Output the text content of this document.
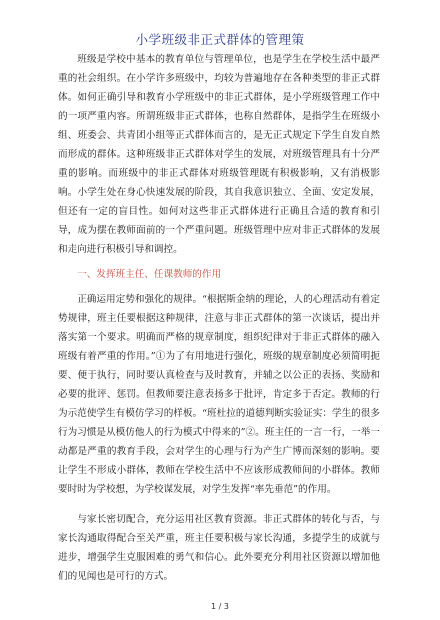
小学班级非正式群体的管理策

班级是学校中基本的教育单位与管理单位，也是学生在学校生活中最严重的社会组织。在小学许多班级中，均较为普遍地存在各种类型的非正式群体。如何正确引导和教育小学班级中的非正式群体，是小学班级管理工作中的一项严重内容。所谓班级非正式群体，也称自然群体，是指学生在班级小组、班委会、共青团小组等正式群体而言的，是无正式规定下学生自发自然而形成的群体。这种班级非正式群体对学生的发展，对班级管理具有十分严重的影响。而班级中的非正式群体对班级管理既有积极影响，又有消极影响。小学生处在身心快速发展的阶段，其自我意识独立、全面、安定发展，但还有一定的盲目性。如何对这些非正式群体进行正确且合适的教育和引导，成为摆在教师面前的一个严重问题。班级管理中应对非正式群体的发展和走向进行积极引导和调控。

一、发挥班主任、任课教师的作用

正确运用定势和强化的规律。“根据斯金纳的理论，人的心理活动有着定势规律，班主任要根据这种规律，注意与非正式群体的第一次谈话，提出并落实第一个要求。明确而严格的规章制度，组织纪律对于非正式群体的融入班级有着严重的作用。”①为了有用地进行强化，班级的规章制度必须简明扼要、便于执行，同时要认真检查与及时教育，并辅之以公正的表扬、奖励和必要的批评、惩罚。但教师要注意表扬多于批评，肯定多于否定。教师的行为示范使学生有模仿学习的样板。“班杜拉的道德判断实验证实：学生的很多行为习惯是从模仿他人的行为模式中得来的”②。班主任的一言一行，一举一动都是严重的教育手段，会对学生的心理与行为产生广博而深刻的影响。要让学生不形成小群体，教师在学校生活中不应该形成教师间的小群体。教师要时时为学校想，为学校谋发展，对学生发挥“率先垂范”的作用。

与家长密切配合，充分运用社区教育资源。非正式群体的转化与否，与家长沟通取得配合至关严重，班主任要积极与家长沟通，多提学生的成就与进步，增强学生克服困难的勇气和信心。此外要充分利用社区资源以增加他们的见闻也是可行的方式。

1 / 3
